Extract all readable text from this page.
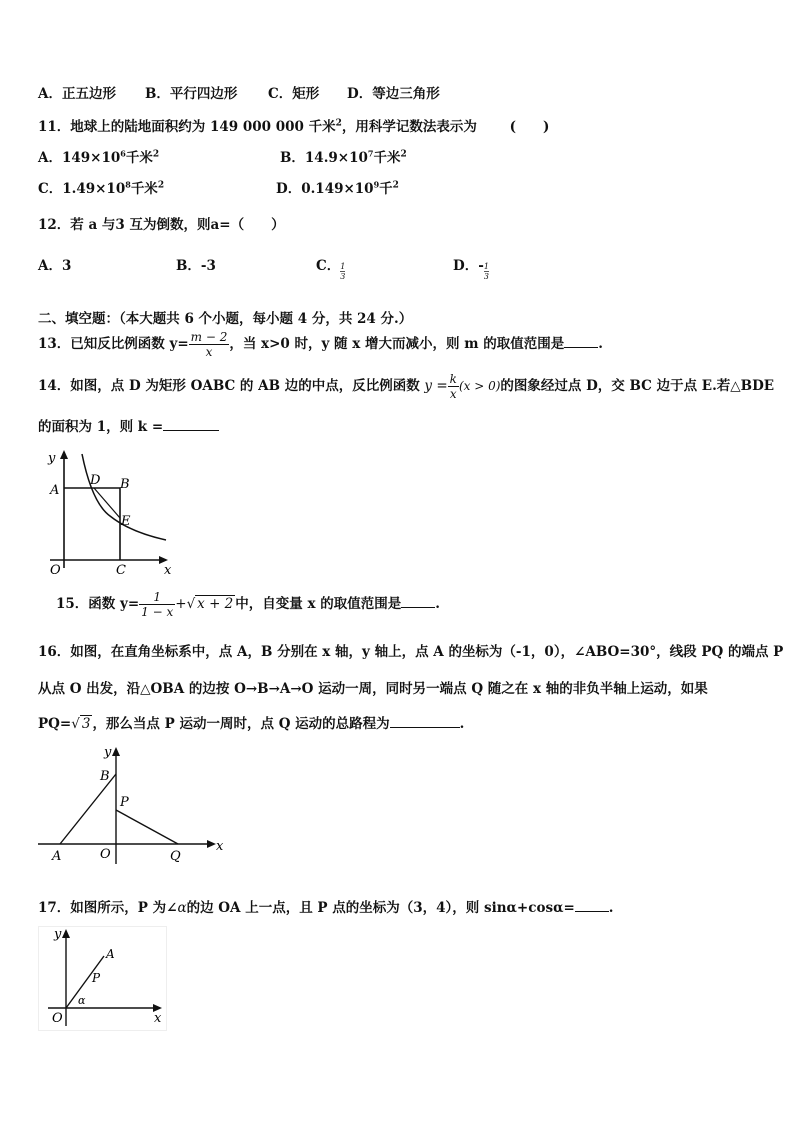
A．正五边形 B．平行四边形 C．矩形 D．等边三角形
11．地球上的陆地面积约为 149 000 000 千米$^2$，用科学记数法表示为 (　　)
A．$149\times 10^6$千米$^2$	B．$14.9\times 10^7$千米$^2$
C．$1.49\times 10^8$千米$^2$	D．$0.149\times 10^9$千$^2$
12．若 a 与3 互为倒数，则a=（　　）
A．3	B．-3	C． $\frac{1}{3}$	D．- $\frac{1}{3}$
二、填空题：（本大题共 6 个小题，每小题 4 分，共 24 分.）
13．已知反比例函数 $y= \frac{m - 2}{x}$ ，当 x>0 时，y 随 x 增大而减小，则 m 的取值范围是	.
14．如图，点 D 为矩形 OABC 的 AB 边的中点，反比例函数 $y = \frac{k}{x} (x > 0)$的图象经过点 D，交 BC 边于点 E.若△BDE
的面积为 1，则 k =
y
A
D B
E
O	C	x
15．函数 $y= \frac{1}{1 - x}$ +√ x + 2 中，自变量 x 的取值范围是	.
16．如图，在直角坐标系中，点 A，B 分别在 x 轴，y 轴上，点 A 的坐标为（-1，0），∠ABO=30°，线段 PQ 的端点 P
从点 O 出发，沿△OBA 的边按 O→B→A→O 运动一周，同时另一端点 Q 随之在 x 轴的非负半轴上运动，如果
PQ=√ 3 ，那么当点 P 运动一周时，点 Q 运动的总路程为	.
y
B
P
A	O	Q
x
17．如图所示，P 为∠α的边 OA 上一点，且 P 点的坐标为（3，4），则 sinα+cosα=	.
y
A
P
α
O	x
